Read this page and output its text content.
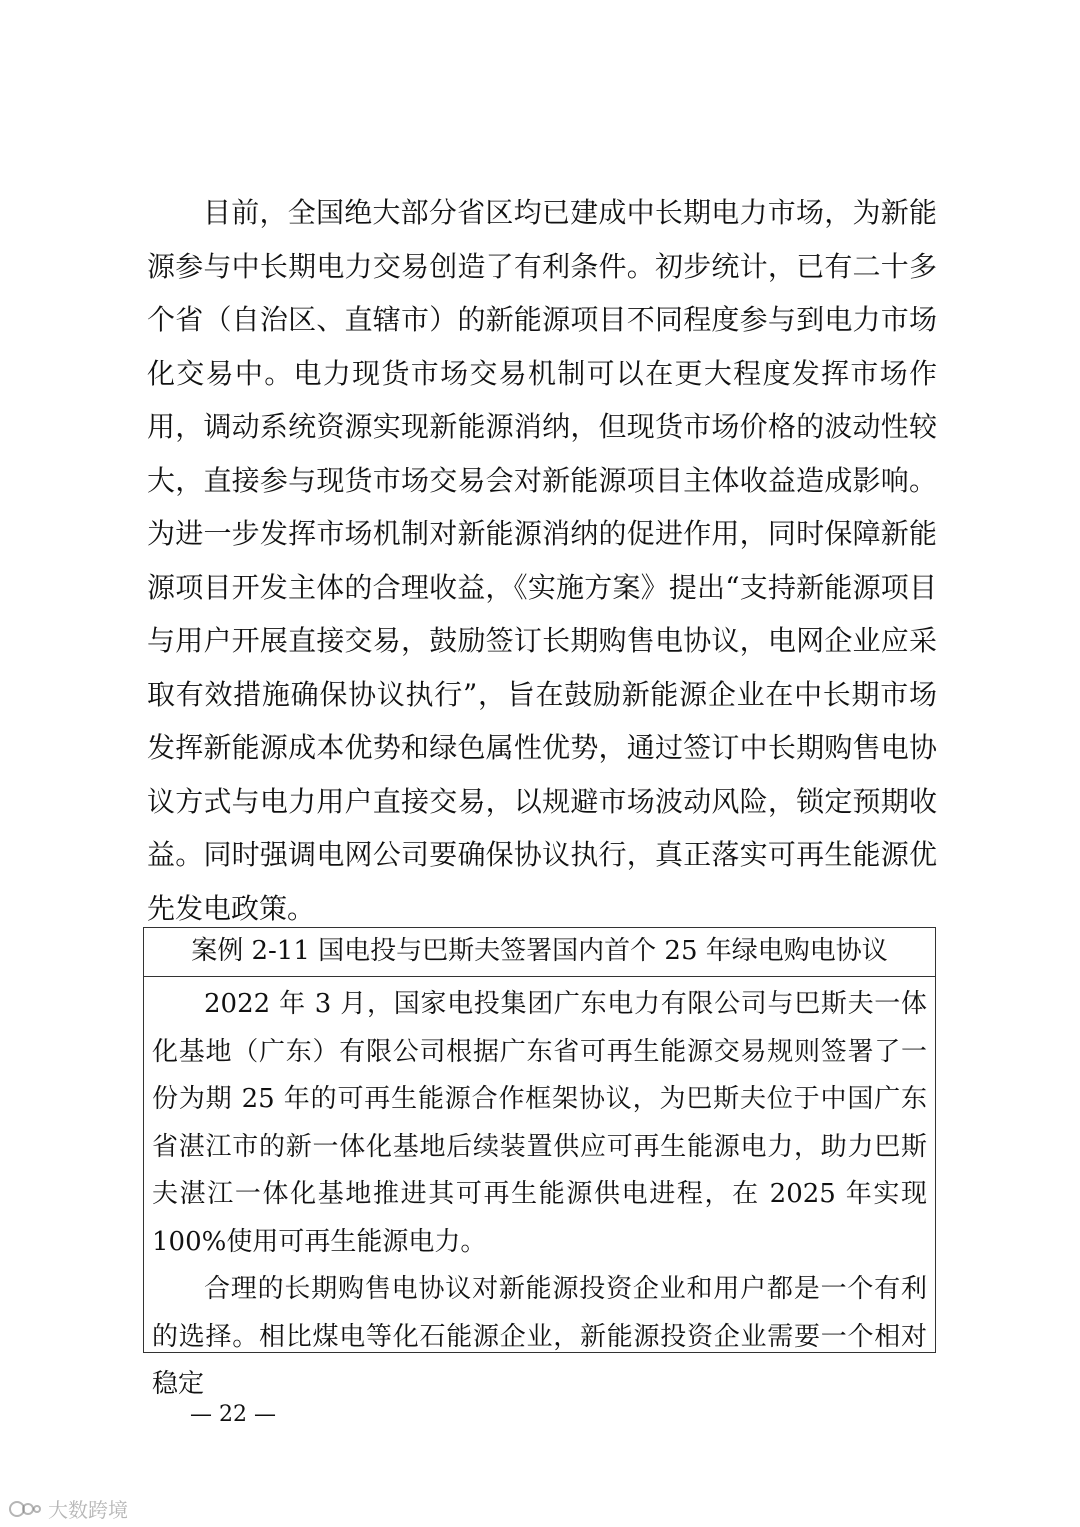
目前，全国绝大部分省区均已建成中长期电力市场，为新能源参与中长期电力交易创造了有利条件。初步统计，已有二十多个省（自治区、直辖市）的新能源项目不同程度参与到电力市场化交易中。电力现货市场交易机制可以在更大程度发挥市场作用，调动系统资源实现新能源消纳，但现货市场价格的波动性较大，直接参与现货市场交易会对新能源项目主体收益造成影响。为进一步发挥市场机制对新能源消纳的促进作用，同时保障新能源项目开发主体的合理收益，《实施方案》提出“支持新能源项目与用户开展直接交易，鼓励签订长期购售电协议，电网企业应采取有效措施确保协议执行”，旨在鼓励新能源企业在中长期市场发挥新能源成本优势和绿色属性优势，通过签订中长期购售电协议方式与电力用户直接交易，以规避市场波动风险，锁定预期收益。同时强调电网公司要确保协议执行，真正落实可再生能源优先发电政策。

案例 2-11 国电投与巴斯夫签署国内首个 25 年绿电购电协议

2022 年 3 月，国家电投集团广东电力有限公司与巴斯夫一体化基地（广东）有限公司根据广东省可再生能源交易规则签署了一份为期 25 年的可再生能源合作框架协议，为巴斯夫位于中国广东省湛江市的新一体化基地后续装置供应可再生能源电力，助力巴斯夫湛江一体化基地推进其可再生能源供电进程，在 2025 年实现 100%使用可再生能源电力。

合理的长期购售电协议对新能源投资企业和用户都是一个有利的选择。相比煤电等化石能源企业，新能源投资企业需要一个相对稳定

— 22 —
大数跨境
